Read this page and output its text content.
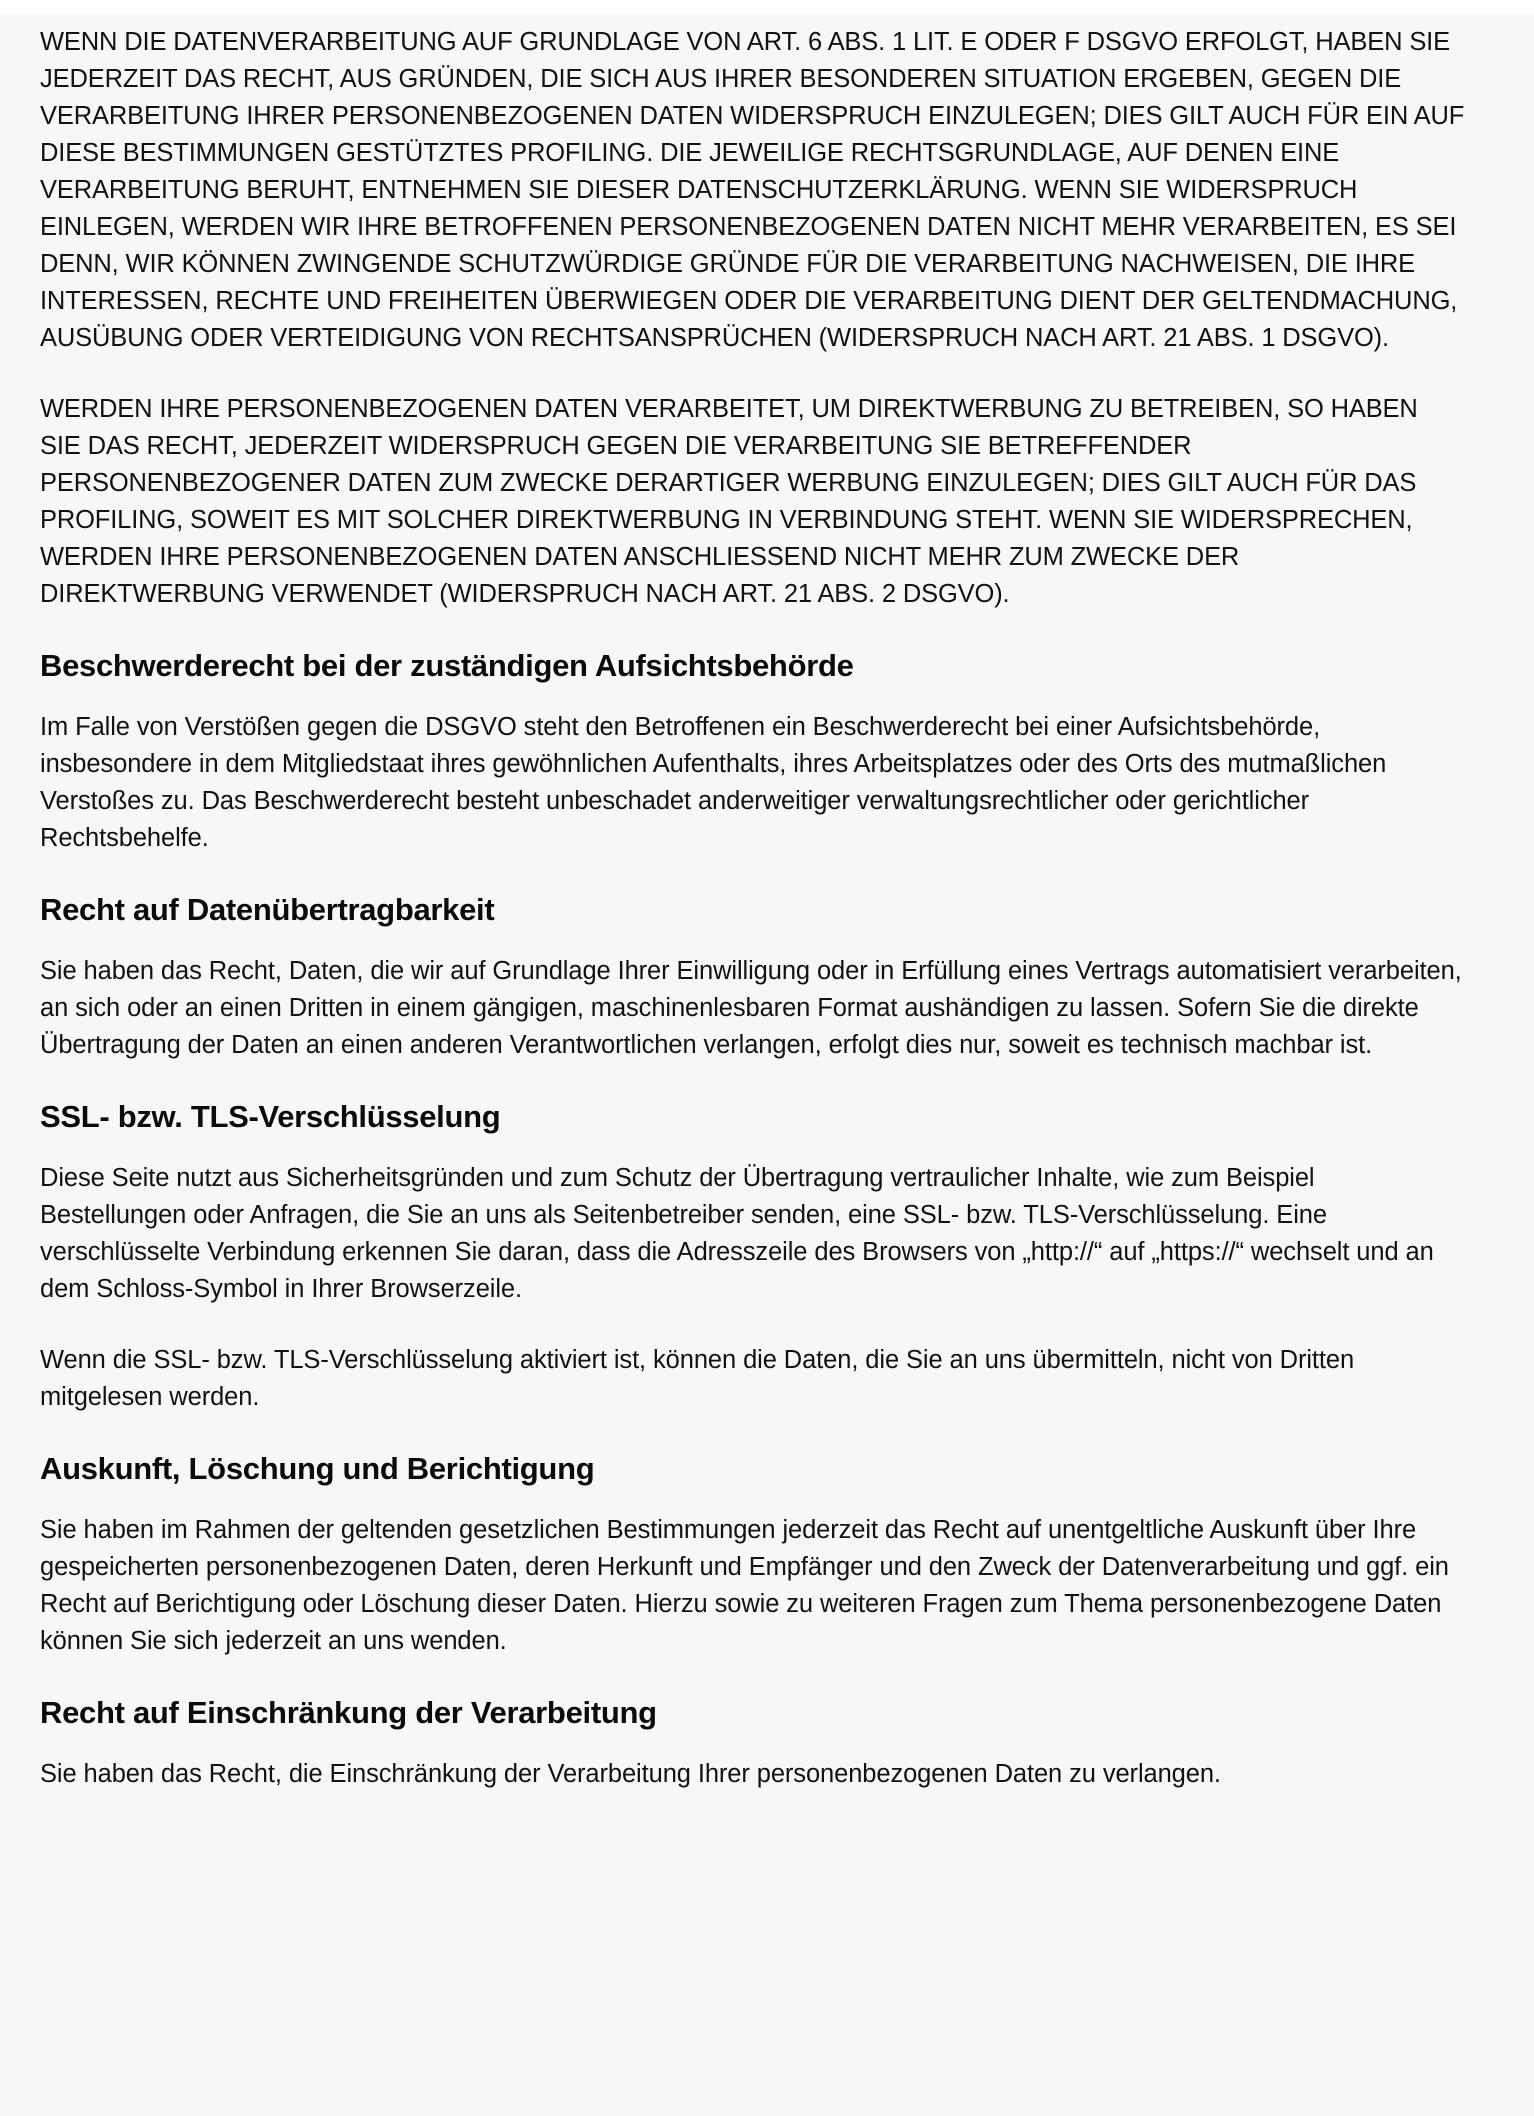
WENN DIE DATENVERARBEITUNG AUF GRUNDLAGE VON ART. 6 ABS. 1 LIT. E ODER F DSGVO ERFOLGT, HABEN SIE JEDERZEIT DAS RECHT, AUS GRÜNDEN, DIE SICH AUS IHRER BESONDEREN SITUATION ERGEBEN, GEGEN DIE VERARBEITUNG IHRER PERSONENBEZOGENEN DATEN WIDERSPRUCH EINZULEGEN; DIES GILT AUCH FÜR EIN AUF DIESE BESTIMMUNGEN GESTÜTZTES PROFILING. DIE JEWEILIGE RECHTSGRUNDLAGE, AUF DENEN EINE VERARBEITUNG BERUHT, ENTNEHMEN SIE DIESER DATENSCHUTZERKLÄRUNG. WENN SIE WIDERSPRUCH EINLEGEN, WERDEN WIR IHRE BETROFFENEN PERSONENBEZOGENEN DATEN NICHT MEHR VERARBEITEN, ES SEI DENN, WIR KÖNNEN ZWINGENDE SCHUTZWÜRDIGE GRÜNDE FÜR DIE VERARBEITUNG NACHWEISEN, DIE IHRE INTERESSEN, RECHTE UND FREIHEITEN ÜBERWIEGEN ODER DIE VERARBEITUNG DIENT DER GELTENDMACHUNG, AUSÜBUNG ODER VERTEIDIGUNG VON RECHTSANSPRÜCHEN (WIDERSPRUCH NACH ART. 21 ABS. 1 DSGVO).

WERDEN IHRE PERSONENBEZOGENEN DATEN VERARBEITET, UM DIREKTWERBUNG ZU BETREIBEN, SO HABEN SIE DAS RECHT, JEDERZEIT WIDERSPRUCH GEGEN DIE VERARBEITUNG SIE BETREFFENDER PERSONENBEZOGENER DATEN ZUM ZWECKE DERARTIGER WERBUNG EINZULEGEN; DIES GILT AUCH FÜR DAS PROFILING, SOWEIT ES MIT SOLCHER DIREKTWERBUNG IN VERBINDUNG STEHT. WENN SIE WIDERSPRECHEN, WERDEN IHRE PERSONENBEZOGENEN DATEN ANSCHLIESSEND NICHT MEHR ZUM ZWECKE DER DIREKTWERBUNG VERWENDET (WIDERSPRUCH NACH ART. 21 ABS. 2 DSGVO).

Beschwerderecht bei der zuständigen Aufsichtsbehörde

Im Falle von Verstößen gegen die DSGVO steht den Betroffenen ein Beschwerderecht bei einer Aufsichtsbehörde, insbesondere in dem Mitgliedstaat ihres gewöhnlichen Aufenthalts, ihres Arbeitsplatzes oder des Orts des mutmaßlichen Verstoßes zu. Das Beschwerderecht besteht unbeschadet anderweitiger verwaltungsrechtlicher oder gerichtlicher Rechtsbehelfe.

Recht auf Datenübertragbarkeit

Sie haben das Recht, Daten, die wir auf Grundlage Ihrer Einwilligung oder in Erfüllung eines Vertrags automatisiert verarbeiten, an sich oder an einen Dritten in einem gängigen, maschinenlesbaren Format aushändigen zu lassen. Sofern Sie die direkte Übertragung der Daten an einen anderen Verantwortlichen verlangen, erfolgt dies nur, soweit es technisch machbar ist.

SSL- bzw. TLS-Verschlüsselung

Diese Seite nutzt aus Sicherheitsgründen und zum Schutz der Übertragung vertraulicher Inhalte, wie zum Beispiel Bestellungen oder Anfragen, die Sie an uns als Seitenbetreiber senden, eine SSL- bzw. TLS-Verschlüsselung. Eine verschlüsselte Verbindung erkennen Sie daran, dass die Adresszeile des Browsers von „http://“ auf „https://“ wechselt und an dem Schloss-Symbol in Ihrer Browserzeile.

Wenn die SSL- bzw. TLS-Verschlüsselung aktiviert ist, können die Daten, die Sie an uns übermitteln, nicht von Dritten mitgelesen werden.

Auskunft, Löschung und Berichtigung

Sie haben im Rahmen der geltenden gesetzlichen Bestimmungen jederzeit das Recht auf unentgeltliche Auskunft über Ihre gespeicherten personenbezogenen Daten, deren Herkunft und Empfänger und den Zweck der Datenverarbeitung und ggf. ein Recht auf Berichtigung oder Löschung dieser Daten. Hierzu sowie zu weiteren Fragen zum Thema personenbezogene Daten können Sie sich jederzeit an uns wenden.

Recht auf Einschränkung der Verarbeitung

Sie haben das Recht, die Einschränkung der Verarbeitung Ihrer personenbezogenen Daten zu verlangen.
